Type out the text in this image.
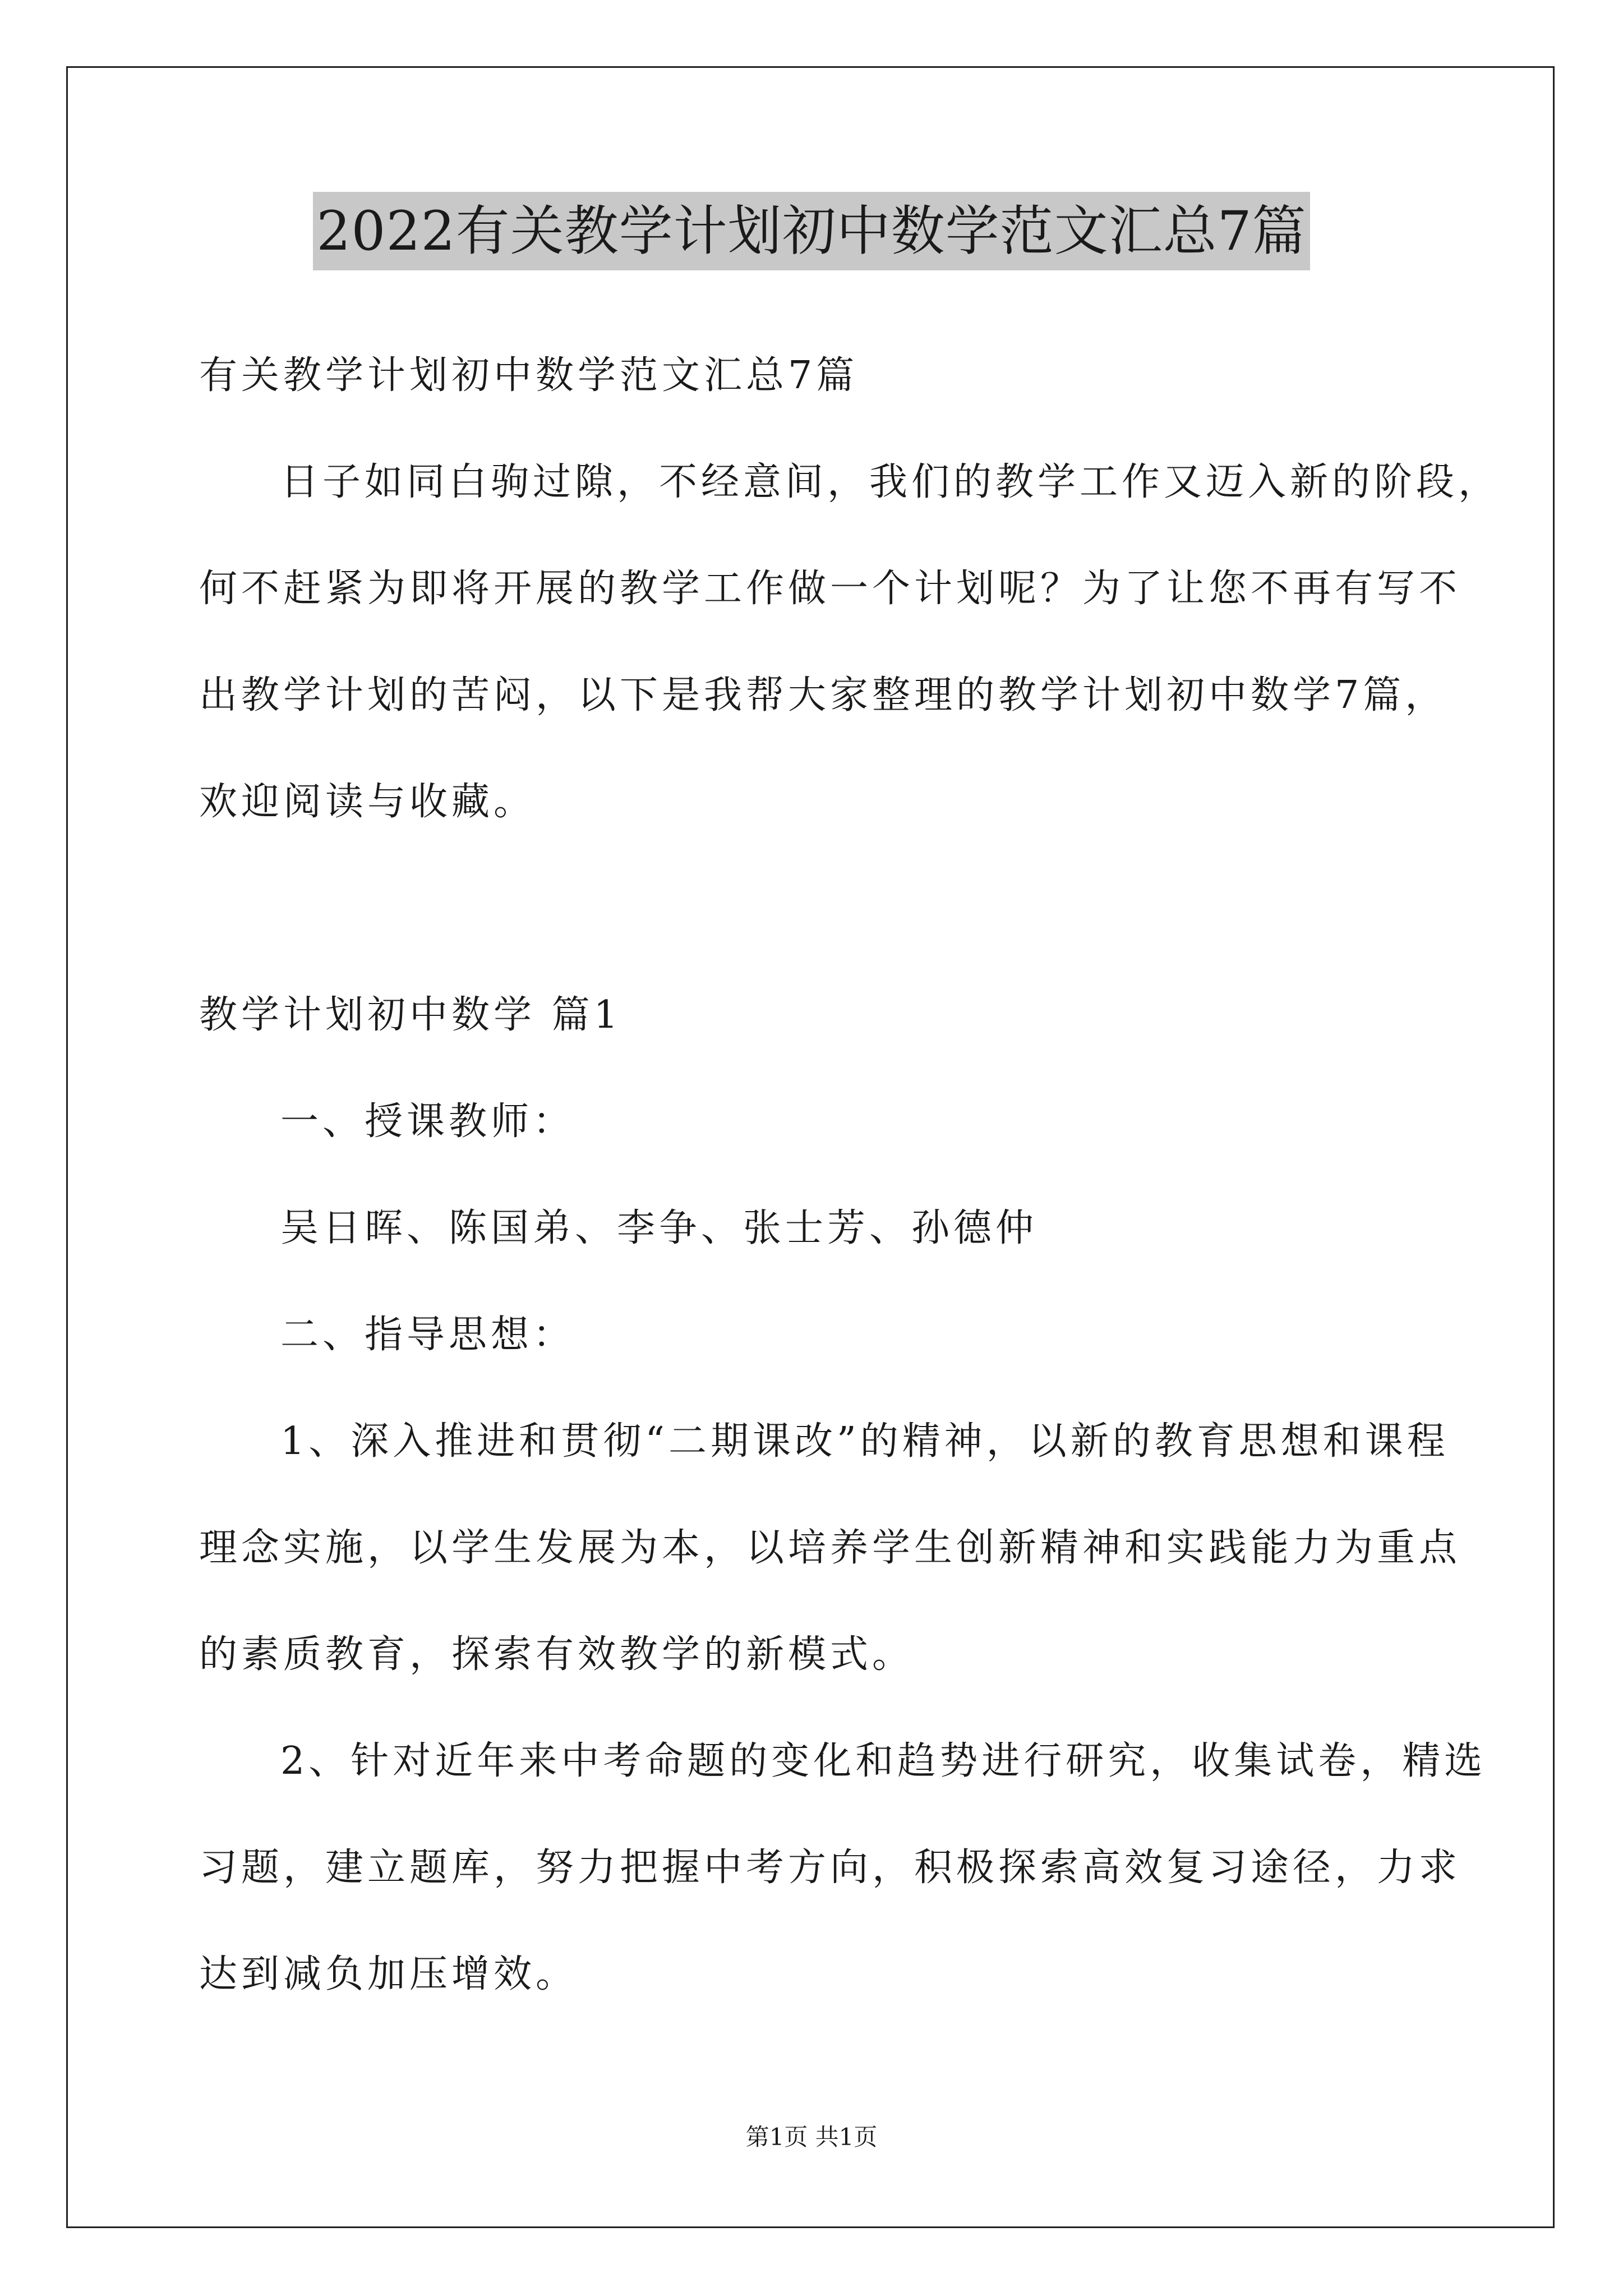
2022有关教学计划初中数学范文汇总7篇
有关教学计划初中数学范文汇总7篇
日子如同白驹过隙，不经意间，我们的教学工作又迈入新的阶段，
何不赶紧为即将开展的教学工作做一个计划呢？为了让您不再有写不
出教学计划的苦闷，以下是我帮大家整理的教学计划初中数学7篇，
欢迎阅读与收藏。
教学计划初中数学 篇1
一、授课教师：
吴日晖、陈国弟、李争、张士芳、孙德仲
二、指导思想：
1、深入推进和贯彻“二期课改”的精神，以新的教育思想和课程
理念实施，以学生发展为本，以培养学生创新精神和实践能力为重点
的素质教育，探索有效教学的新模式。
2、针对近年来中考命题的变化和趋势进行研究，收集试卷，精选
习题，建立题库，努力把握中考方向，积极探索高效复习途径，力求
达到减负加压增效。
第1页 共1页
